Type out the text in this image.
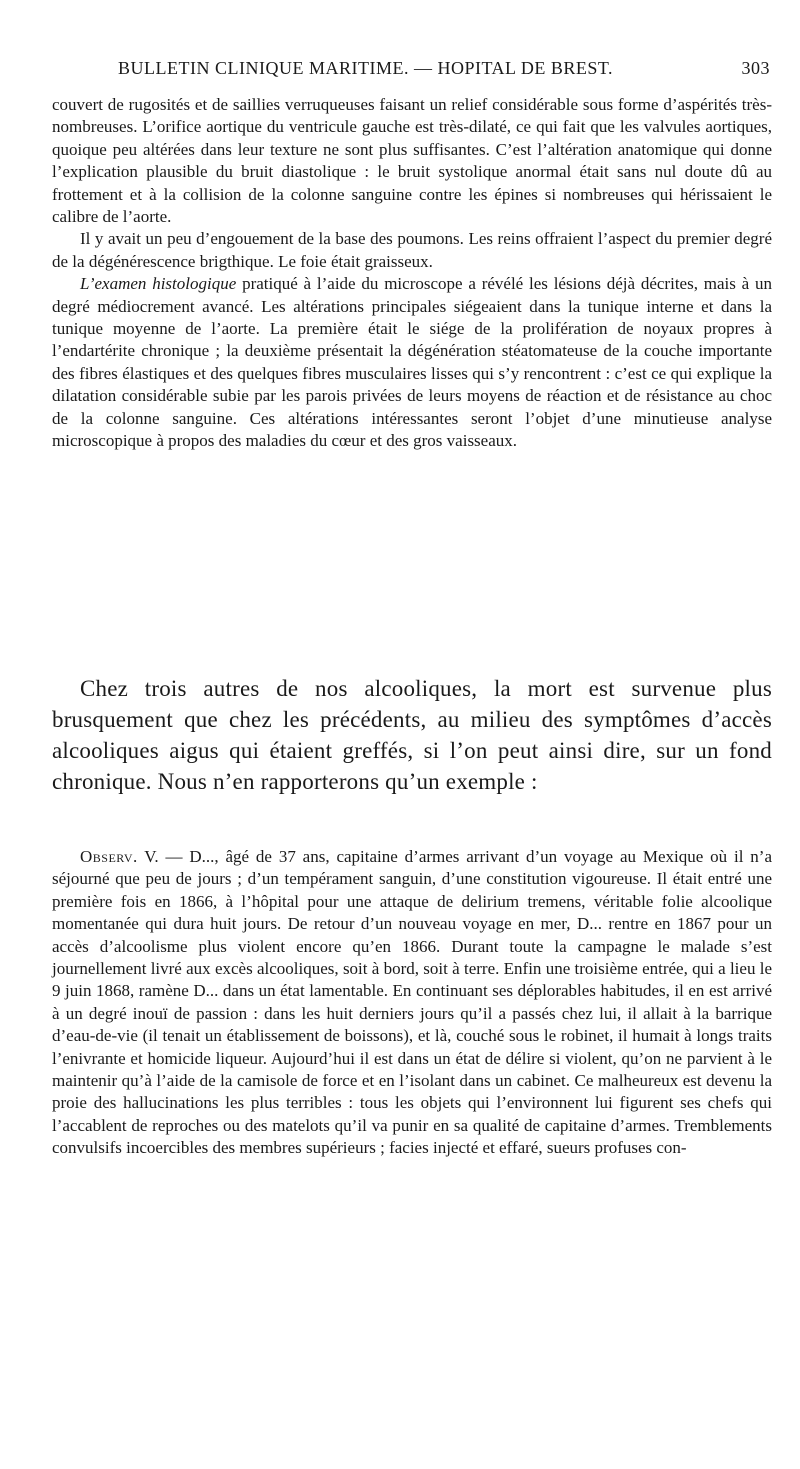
BULLETIN CLINIQUE MARITIME. — HOPITAL DE BREST.	303

couvert de rugosités et de saillies verruqueuses faisant un relief considérable sous forme d’aspérités très-nombreuses. L’orifice aortique du ventricule gauche est très-dilaté, ce qui fait que les valvules aortiques, quoique peu altérées dans leur texture ne sont plus suffisantes. C’est l’altération anatomique qui donne l’explication plausible du bruit diastolique : le bruit systolique anormal était sans nul doute dû au frottement et à la collision de la colonne sanguine contre les épines si nombreuses qui hérissaient le calibre de l’aorte.

Il y avait un peu d’engouement de la base des poumons. Les reins offraient l’aspect du premier degré de la dégénérescence brigthique. Le foie était graisseux.

L’examen histologique pratiqué à l’aide du microscope a révélé les lésions déjà décrites, mais à un degré médiocrement avancé. Les altérations principales siégeaient dans la tunique interne et dans la tunique moyenne de l’aorte. La première était le siége de la prolifération de noyaux propres à l’endartérite chronique ; la deuxième présentait la dégénération stéatomateuse de la couche importante des fibres élastiques et des quelques fibres musculaires lisses qui s’y rencontrent : c’est ce qui explique la dilatation considérable subie par les parois privées de leurs moyens de réaction et de résistance au choc de la colonne sanguine. Ces altérations intéressantes seront l’objet d’une minutieuse analyse microscopique à propos des maladies du cœur et des gros vaisseaux.

Chez trois autres de nos alcooliques, la mort est survenue plus brusquement que chez les précédents, au milieu des symptômes d’accès alcooliques aigus qui étaient greffés, si l’on peut ainsi dire, sur un fond chronique. Nous n’en rapporterons qu’un exemple :

Observ. V. — D..., âgé de 37 ans, capitaine d’armes arrivant d’un voyage au Mexique où il n’a séjourné que peu de jours ; d’un tempérament sanguin, d’une constitution vigoureuse. Il était entré une première fois en 1866, à l’hôpital pour une attaque de delirium tremens, véritable folie alcoolique momentanée qui dura huit jours. De retour d’un nouveau voyage en mer, D... rentre en 1867 pour un accès d’alcoolisme plus violent encore qu’en 1866. Durant toute la campagne le malade s’est journellement livré aux excès alcooliques, soit à bord, soit à terre. Enfin une troisième entrée, qui a lieu le 9 juin 1868, ramène D... dans un état lamentable. En continuant ses déplorables habitudes, il en est arrivé à un degré inouï de passion : dans les huit derniers jours qu’il a passés chez lui, il allait à la barrique d’eau-de-vie (il tenait un établissement de boissons), et là, couché sous le robinet, il humait à longs traits l’enivrante et homicide liqueur. Aujourd’hui il est dans un état de délire si violent, qu’on ne parvient à le maintenir qu’à l’aide de la camisole de force et en l’isolant dans un cabinet. Ce malheureux est devenu la proie des hallucinations les plus terribles : tous les objets qui l’environnent lui figurent ses chefs qui l’accablent de reproches ou des matelots qu’il va punir en sa qualité de capitaine d’armes. Tremblements convulsifs incoercibles des membres supérieurs ; facies injecté et effaré, sueurs profuses con-
